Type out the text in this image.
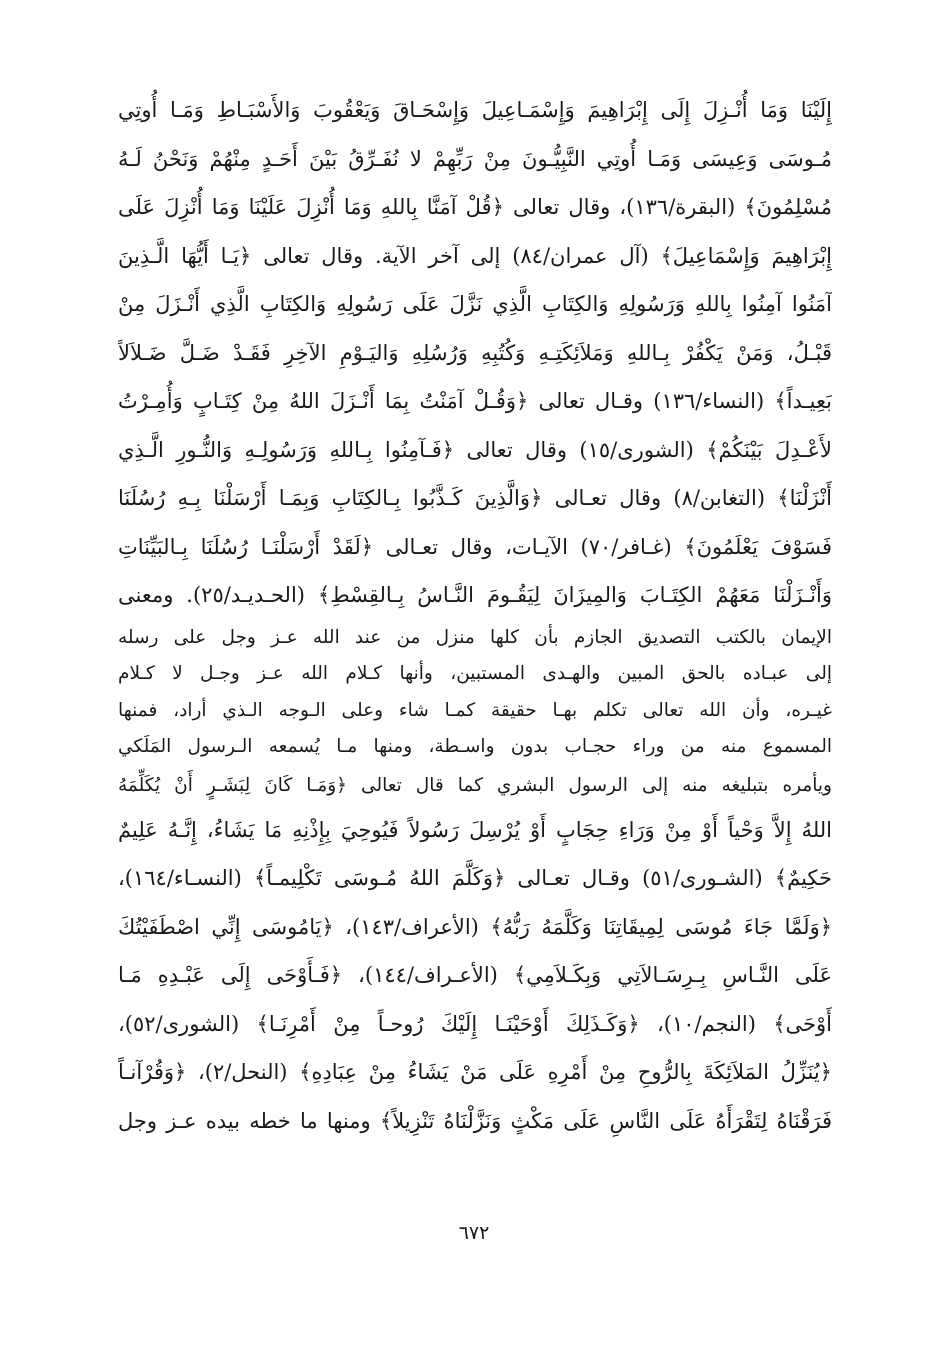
إِلَيْنَا وَمَا أُنْـزِلَ إِلَى إِبْرَاهِيمَ وَإِسْمَـاعِيلَ وَإِسْحَـاقَ وَيَعْقُوبَ وَالأَسْبَـاطِ وَمَـا أُوتِي
مُـوسَى وَعِيسَى وَمَـا أُوتِي النَّبِيُّـونَ مِنْ رَبِّهِمْ لا نُفَـرِّقُ بَيْنَ أَحَـدٍ مِنْهُمْ وَنَحْنُ لَـهُ
مُسْلِمُونَ﴾ (البقرة/١٣٦)، وقال تعالى ﴿قُلْ آمَنَّا بِاللهِ وَمَا أُنْزِلَ عَلَيْنَا وَمَا أُنْزِلَ عَلَى
إِبْرَاهِيمَ وَإِسْمَاعِيلَ﴾ (آل عمران/٨٤) إلى آخر الآية. وقال تعالى ﴿يَـا أَيُّهَا الَّـذِينَ
آمَنُوا آمِنُوا بِاللهِ وَرَسُولِهِ وَالكِتَابِ الَّذِي نَزَّلَ عَلَى رَسُولِهِ وَالكِتَابِ الَّذِي أَنْـزَلَ مِنْ
قَبْـلُ، وَمَنْ يَكْفُرْ بِـاللهِ وَمَلاَئِكَتِـهِ وَكُتُبِهِ وَرُسُلِهِ وَاليَـوْمِ الآخِرِ فَقَـدْ ضَـلَّ ضَـلاَلاً
بَعِيـداً﴾ (النساء/١٣٦) وقـال تعالى ﴿وَقُـلْ آمَنْتُ بِمَا أَنْـزَلَ اللهُ مِنْ كِتَـابٍ وَأُمِـرْتُ
لأَعْـدِلَ بَيْنَكُمْ﴾ (الشورى/١٥) وقال تعالى ﴿فَـآمِنُوا بِـاللهِ وَرَسُولِـهِ وَالنُّـورِ الَّـذِي
أَنْزَلْنَا﴾ (التغابن/٨) وقال تعـالى ﴿وَالَّذِينَ كَـذَّبُوا بِـالكِتَابِ وَبِمَـا أَرْسَلْنَا بِـهِ رُسُلَنَا
فَسَوْفَ يَعْلَمُونَ﴾ (غـافر/٧٠) الآيـات، وقال تعـالى ﴿لَقَدْ أَرْسَلْنَـا رُسُلَنَا بِـالبَيِّنَاتِ
وَأَنْـزَلْنَا مَعَهُمْ الكِتَـابَ وَالمِيزَانَ لِيَقُـومَ النَّـاسُ بِـالقِسْطِ﴾ (الحـديـد/٢٥). ومعنى
الإيمان بالكتب التصديق الجازم بأن كلها منزل من عند الله عـز وجل على رسله
إلى عبـاده بالحق المبين والهـدى المستبين، وأنها كـلام الله عـز وجـل لا كـلام
غيـره، وأن الله تعالى تكلم بهـا حقيقة كمـا شاء وعلى الـوجه الـذي أراد، فمنها
المسموع منه من وراء حجـاب بدون واسـطة، ومنها مـا يُسمعه الـرسول المَلَكي
ويأمره بتبليغه منه إلى الرسول البشري كما قال تعالى ﴿وَمَـا كَانَ لِبَشَـرٍ أَنْ يُكَلِّمَهُ
اللهُ إِلاَّ وَحْياً أَوْ مِنْ وَرَاءِ حِجَابٍ أَوْ يُرْسِلَ رَسُولاً فَيُوحِيَ بِإِذْنِهِ مَا يَشَاءُ، إِنَّـهُ عَلِيمٌ
حَكِيمٌ﴾ (الشـورى/٥١) وقـال تعـالى ﴿وَكَلَّمَ اللهُ مُـوسَى تَكْلِيمـاً﴾ (النسـاء/١٦٤)،
﴿وَلَمَّا جَاءَ مُوسَى لِمِيقَاتِنَا وَكَلَّمَهُ رَبُّهُ﴾ (الأعراف/١٤٣)، ﴿يَامُوسَى إِنِّي اصْطَفَيْتُكَ
عَلَى النَّـاسِ بِـرِسَـالاَتِي وَبِكَـلاَمِي﴾ (الأعـراف/١٤٤)، ﴿فَـأَوْحَى إِلَى عَبْـدِهِ مَـا
أَوْحَى﴾ (النجم/١٠)، ﴿وَكَـذَلِكَ أَوْحَيْنَـا إِلَيْكَ رُوحـاً مِنْ أَمْرِنَـا﴾ (الشورى/٥٢)،
﴿يُنَزِّلُ المَلاَئِكَةَ بِالرُّوحِ مِنْ أَمْرِهِ عَلَى مَنْ يَشَاءُ مِنْ عِبَادِهِ﴾ (النحل/٢)، ﴿وَقُرْآنـاً
فَرَقْنَاهُ لِتَقْرَأَهُ عَلَى النَّاسِ عَلَى مَكْثٍ وَنَزَّلْنَاهُ تَنْزِيلاً﴾ ومنها ما خطه بيده عـز وجل
٦٧٢
